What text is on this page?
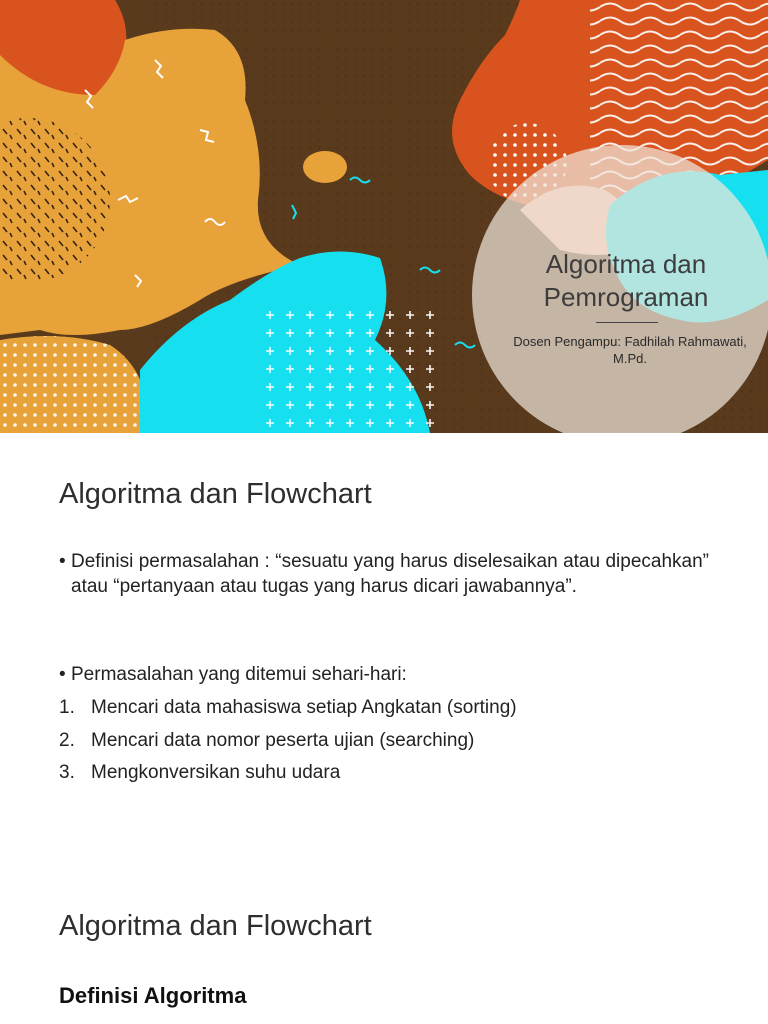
Algoritma dan
Pemrograman
Dosen Pengampu: Fadhilah Rahmawati,
M.Pd.
Algoritma dan Flowchart
• Definisi permasalahan : “sesuatu yang harus diselesaikan atau dipecahkan” atau “pertanyaan atau tugas yang harus dicari jawabannya”.
• Permasalahan yang ditemui sehari-hari:
1. Mencari data mahasiswa setiap Angkatan (sorting)
2. Mencari data nomor peserta ujian (searching)
3. Mengkonversikan suhu udara
Algoritma dan Flowchart
Definisi Algoritma
